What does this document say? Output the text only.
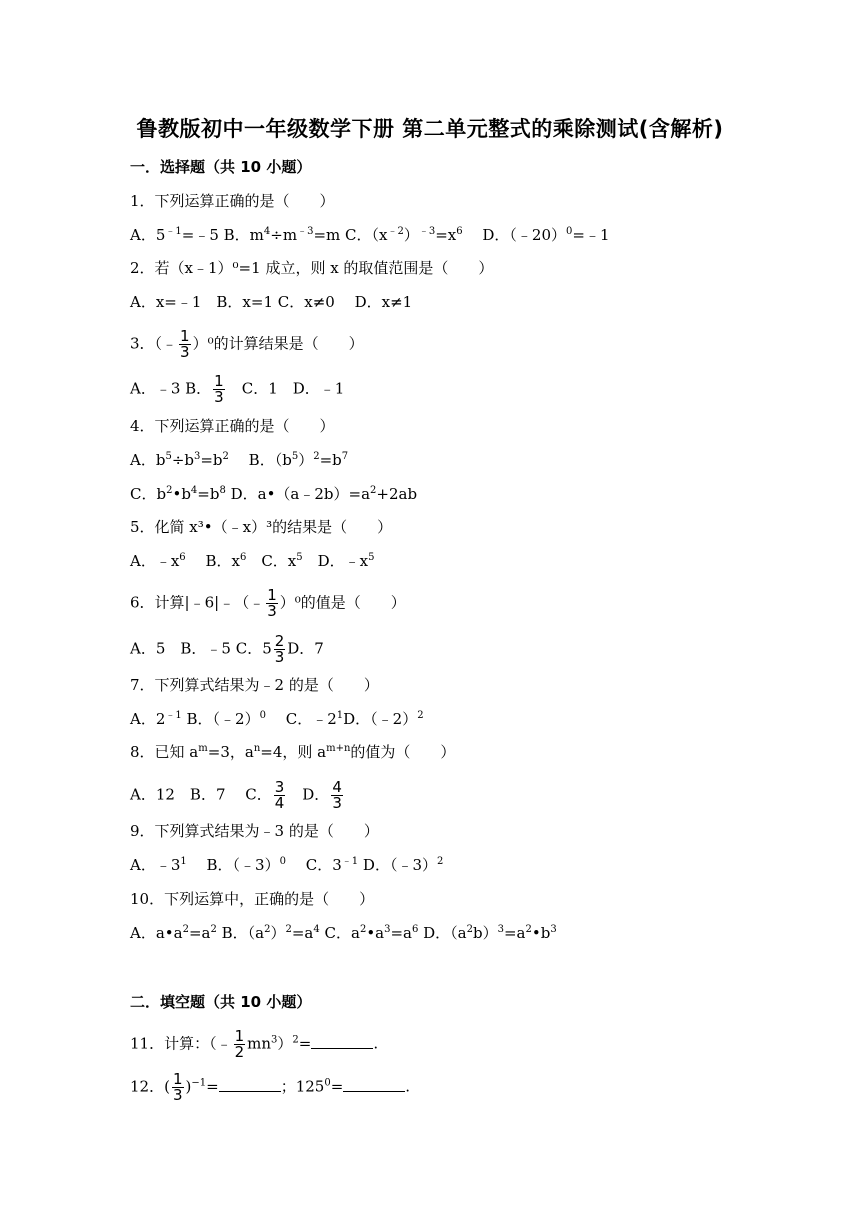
鲁教版初中一年级数学下册 第二单元整式的乘除测试(含解析)
一．选择题（共 10 小题）
1．下列运算正确的是（　　）
A．$5^{﹣1}=﹣5$ B．$m^4\div m^{﹣3}=m$ C．$(x^{﹣2})^{﹣3}=x^6$　 D．（﹣20）$^0$=﹣1
2．若（x﹣1）⁰=1 成立，则 x 的取值范围是（　　）
A．x=﹣1　B．x=1 C．x≠0　 D．x≠1
3．（﹣ $\frac{1}{3} )^0$的计算结果是（　　）
A．﹣3 B． $\frac{1}{3}$ 　C．1　D．﹣1
4．下列运算正确的是（　　）
A．$b^5\div b^3=b^2$　 B．$(b^5)^2=b^7$
C．$b^2•b^4=b^8$ D．$a•(a﹣2b)=a^2+2ab$
5．化简 x³•（﹣x）³的结果是（　　）
A．$﹣x^6$　 B．$x^6$　C．$x^5$　D．$﹣x^5$
6．计算|﹣6|﹣（﹣ $\frac{1}{3} )^0$的值是（　　）
A．5　B．﹣5 C．$5 \frac{2}{3}$ D．7
7．下列算式结果为﹣2 的是（　　）
A．$2^{﹣1}$ B．（﹣2）$^0$　 C．$﹣2^1D$．（﹣2）$^2$
8．已知 $a^m=3$，$a^n=4$，则 $a^{m+n}$的值为（　　）
A．12　B．7　 C． $\frac{3}{4}$ 　D． $\frac{4}{3}$
9．下列算式结果为﹣3 的是（　　）
A．$﹣3^1$　 B．（﹣3）$^0$　 C．$3^{﹣1}$ D．（﹣3）$^2$
10．下列运算中，正确的是（　　）
A．$a•a^2=a^2$ B．$(a^2)^2=a^4$ C．$a^2•a^3=a^6$ D．$(a^2b)^3=a^2•b^3$
二．填空题（共 10 小题）
11．计算：（﹣ $\frac{1}{2} mn^3)^2=$	.
12．( $\frac{1}{3} )^{-1}=$	；$125^0=$	.
